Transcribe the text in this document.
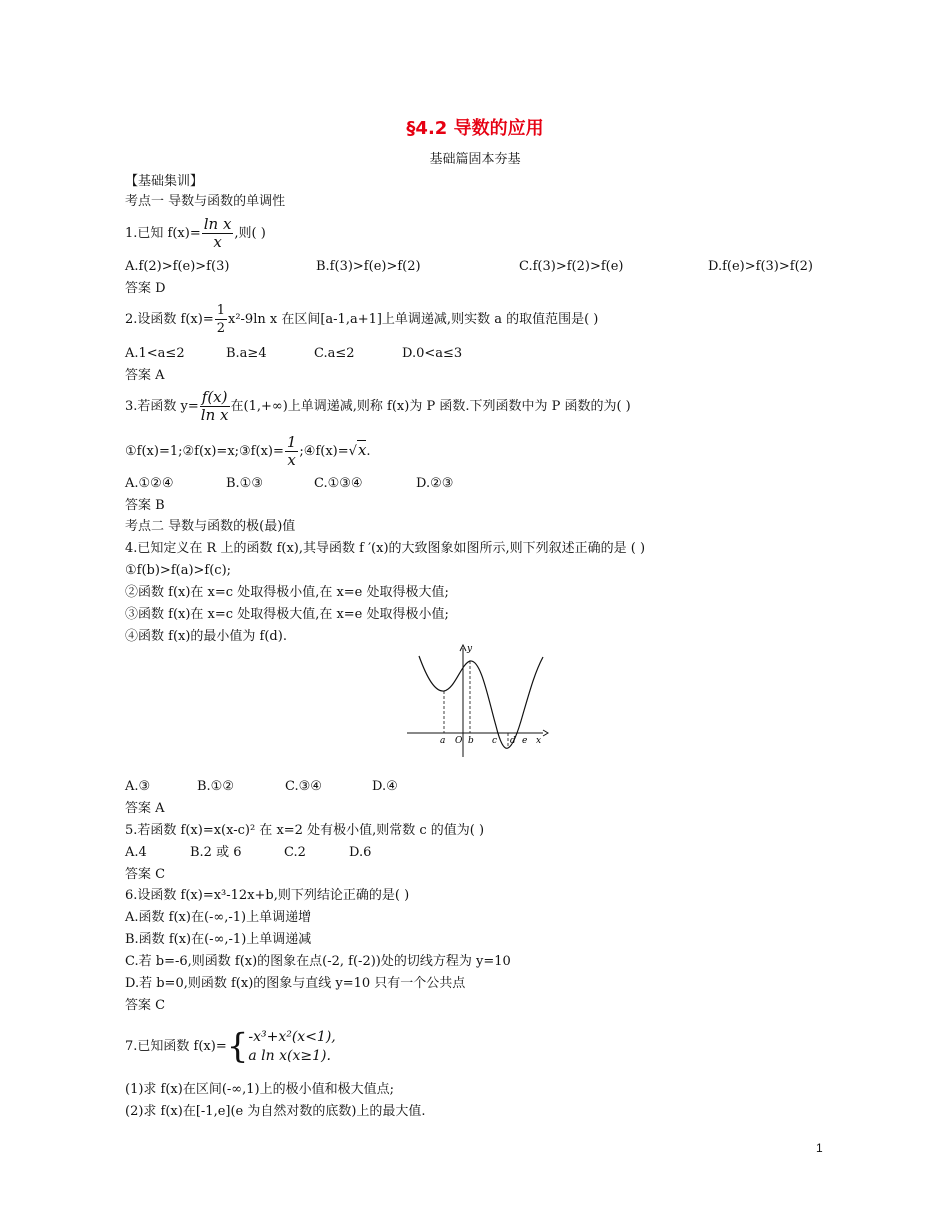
§4.2 导数的应用
基础篇固本夯基
【基础集训】
考点一 导数与函数的单调性
1.已知 $f(x)= \frac{\text{ln x}}{x}$ ,则( )
A.f(2)>f(e)>f(3)	B.f(3)>f(e)>f(2)	C.f(3)>f(2)>f(e)	D.f(e)>f(3)>f(2)
答案 D
2.设函数 $f(x)= \frac{1}{2} x^2-9\ln$ x 在区间[a-1,a+1]上单调递减,则实数 a 的取值范围是( )
A.1<a≤2	B.a≥4	C.a≤2	D.0<a≤3
答案 A
3.若函数 $y= \frac{f(x)}{\text{ln x}}$ 在(1,+∞)上单调递减,则称 f(x)为 P 函数.下列函数中为 P 函数的为( )
①f(x)=1;②f(x)=x;③f(x)= $\frac{1}{x}$ ;④f(x)=√x.
A.①②④	B.①③	C.①③④	D.②③
答案 B
考点二 导数与函数的极(最)值
4.已知定义在 R 上的函数 f(x),其导函数 f ′(x)的大致图象如图所示,则下列叙述正确的是 ( )
①f(b)>f(a)>f(c);
②函数 f(x)在 x=c 处取得极小值,在 x=e 处取得极大值;
③函数 f(x)在 x=c 处取得极大值,在 x=e 处取得极小值;
④函数 f(x)的最小值为 f(d).
y
x
a O b c d e
A.③	B.①②	C.③④	D.④
答案 A
5.若函数 f(x)=x(x-c)² 在 x=2 处有极小值,则常数 c 的值为( )
A.4	B.2 或 6	C.2	D.6
答案 C
6.设函数 f(x)=x³-12x+b,则下列结论正确的是( )
A.函数 f(x)在(-∞,-1)上单调递增
B.函数 f(x)在(-∞,-1)上单调递减
C.若 b=-6,则函数 f(x)的图象在点(-2, f(-2))处的切线方程为 y=10
D.若 b=0,则函数 f(x)的图象与直线 y=10 只有一个公共点
答案 C
7.已知函数 f(x)={ -x³+x²(x<1),
a ln x(x≥1).
(1)求 f(x)在区间(-∞,1)上的极小值和极大值点;
(2)求 f(x)在[-1,e](e 为自然对数的底数)上的最大值.
1
